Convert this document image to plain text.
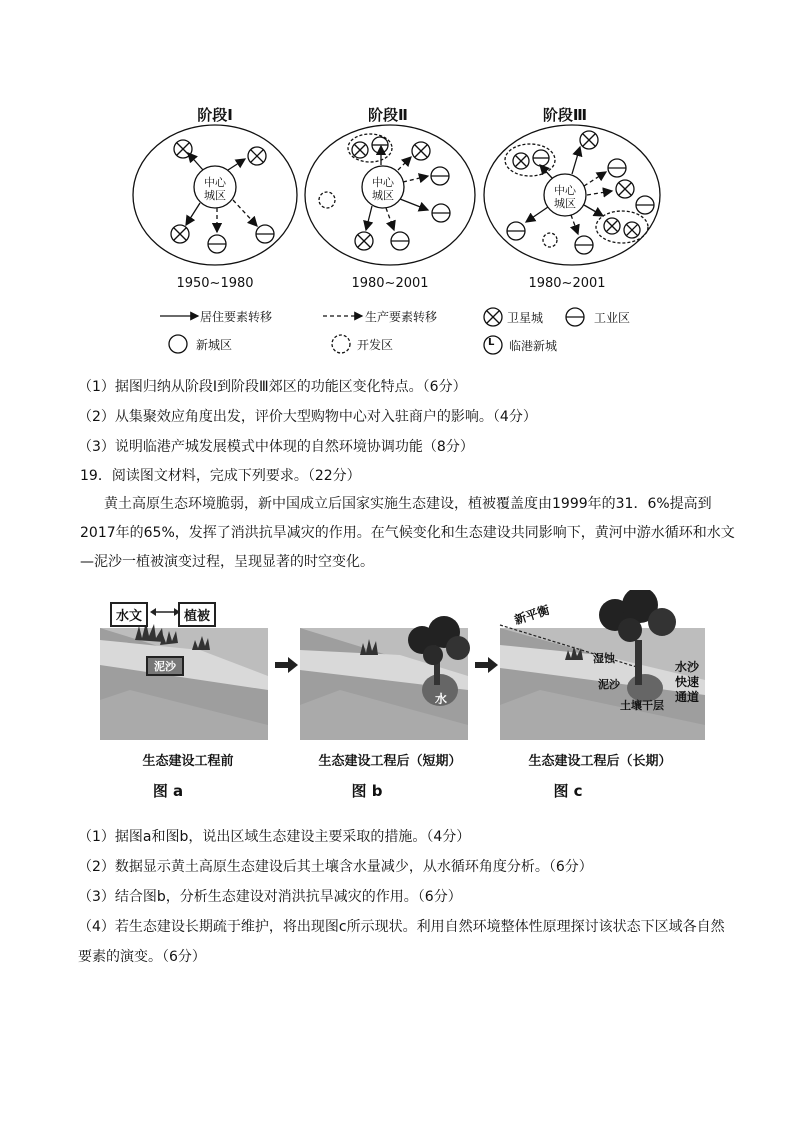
阶段Ⅰ	阶段Ⅱ	阶段Ⅲ
中心
城区
中心
城区	中心
城区
1950~1980	1980~2001	1980~2001
居住要素转移	生产要素转移	卫星城	工业区
新城区	开发区	L 临港新城
（1）据图归纳从阶段Ⅰ到阶段Ⅲ郊区的功能区变化特点。（6分）
（2）从集聚效应角度出发，评价大型购物中心对入驻商户的影响。（4分）
（3）说明临港产城发展模式中体现的自然环境协调功能（8分）
19．阅读图文材料，完成下列要求。（22分）
黄土高原生态环境脆弱，新中国成立后国家实施生态建设，植被覆盖度由1999年的31．6%提高到
2017年的65%，发挥了消洪抗旱减灾的作用。在气候变化和生态建设共同影响下，黄河中游水循环和水文
—泥沙一植被演变过程，呈现显著的时空变化。
水文	植被
泥沙
水
新平衡
湿蚀
泥沙
土壤干层
水沙
快速
通道
生态建设工程前	生态建设工程后（短期）	生态建设工程后（长期）
图 a	图 b	图 c
（1）据图a和图b，说出区域生态建设主要采取的措施。（4分）
（2）数据显示黄土高原生态建设后其土壤含水量减少，从水循环角度分析。（6分）
（3）结合图b，分析生态建设对消洪抗旱减灾的作用。（6分）
（4）若生态建设长期疏于维护，将出现图c所示现状。利用自然环境整体性原理探讨该状态下区域各自然
要素的演变。（6分）
